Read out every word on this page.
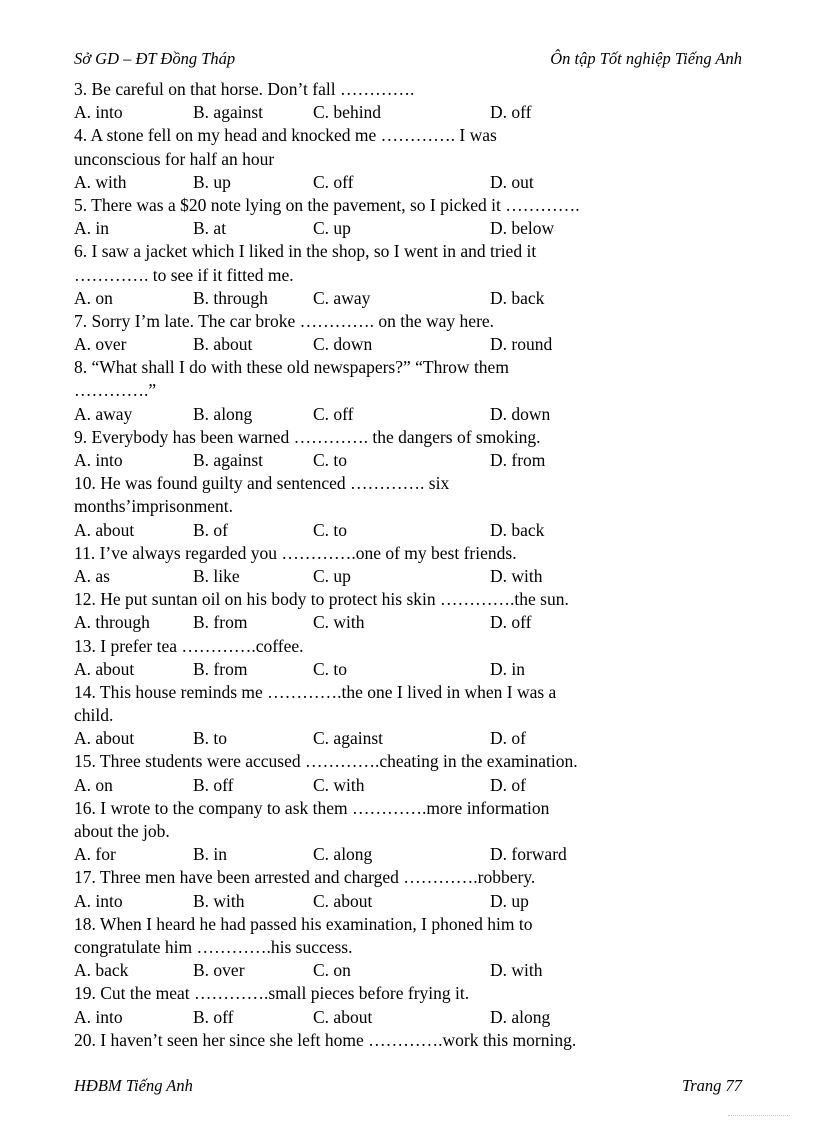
Sở GD – ĐT Đồng Tháp	Ôn tập Tốt nghiệp Tiếng Anh
3. Be careful on that horse. Don’t fall ………….
A. into	B. against	C. behind	D. off
4. A stone fell on my head and knocked me …………. I was
unconscious for half an hour
A. with	B. up	C. off	D. out
5. There was a $20 note lying on the pavement, so I picked it ………….
A. in	B. at	C. up	D. below
6. I saw a jacket which I liked in the shop, so I went in and tried it
…………. to see if it fitted me.
A. on	B. through	C. away	D. back
7. Sorry I’m late. The car broke …………. on the way here.
A. over	B. about	C. down	D. round
8. “What shall I do with these old newspapers?” “Throw them
………….”
A. away	B. along	C. off	D. down
9. Everybody has been warned …………. the dangers of smoking.
A. into	B. against	C. to	D. from
10. He was found guilty and sentenced …………. six
months’imprisonment.
A. about	B. of	C. to	D. back
11. I’ve always regarded you ………….one of my best friends.
A. as	B. like	C. up	D. with
12. He put suntan oil on his body to protect his skin ………….the sun.
A. through B. from	C. with	D. off
13. I prefer tea ………….coffee.
A. about	B. from	C. to	D. in
14. This house reminds me ………….the one I lived in when I was a
child.
A. about	B. to	C. against	D. of
15. Three students were accused ………….cheating in the examination.
A. on	B. off	C. with	D. of
16. I wrote to the company to ask them ………….more information
about the job.
A. for	B. in	C. along	D. forward
17. Three men have been arrested and charged ………….robbery.
A. into	B. with	C. about	D. up
18. When I heard he had passed his examination, I phoned him to
congratulate him ………….his success.
A. back	B. over	C. on	D. with
19. Cut the meat ………….small pieces before frying it.
A. into	B. off	C. about	D. along
20. I haven’t seen her since she left home ………….work this morning.
HĐBM Tiếng Anh	Trang 77
